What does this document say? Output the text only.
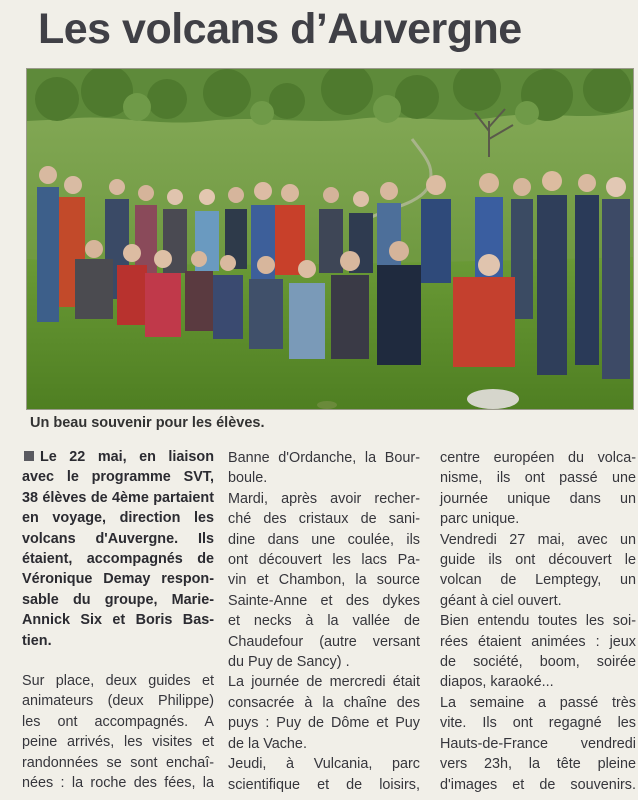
Les volcans d’Auvergne
Un beau souvenir pour les élèves.

Le 22 mai, en liaison

avec le programme SVT,

38 élèves de 4ème partaient

en voyage, direction les

volcans d'Auvergne. Ils

étaient, accompagnés de

Véronique Demay respon-

sable du groupe, Marie-

Annick Six et Boris Bas-

tien.

Sur place, deux guides et

animateurs (deux Philippe)

les ont accompagnés. A

peine arrivés, les visites et

randonnées se sont enchaî-

nées : la roche des fées, la

Banne d'Ordanche, la Bour-

boule.

Mardi, après avoir recher-

ché des cristaux de sani-

dine dans une coulée, ils

ont découvert les lacs Pa-

vin et Chambon, la source

Sainte-Anne et des dykes

et necks à la vallée de

Chaudefour (autre versant

du Puy de Sancy) .

La journée de mercredi était

consacrée à la chaîne des

puys : Puy de Dôme et Puy

de la Vache.

Jeudi, à Vulcania, parc

scientifique et de loisirs,

centre européen du volca-

nisme, ils ont passé une

journée unique dans un

parc unique.

Vendredi 27 mai, avec un

guide ils ont découvert le

volcan de Lemptegy, un

géant à ciel ouvert.

Bien entendu toutes les soi-

rées étaient animées : jeux

de société, boom, soirée

diapos, karaoké...

La semaine a passé très

vite. Ils ont regagné les

Hauts-de-France vendredi

vers 23h, la tête pleine

d'images et de souvenirs.
